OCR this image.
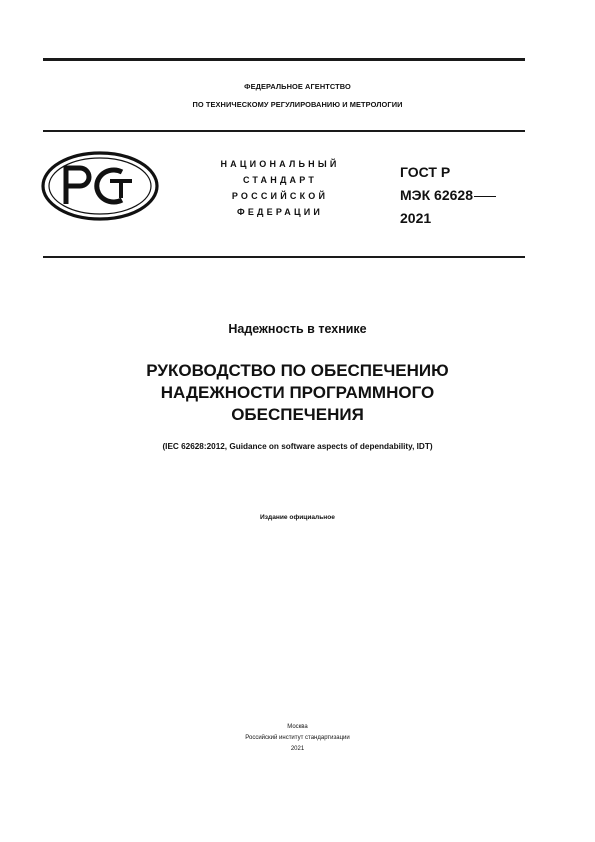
ФЕДЕРАЛЬНОЕ АГЕНТСТВО
ПО ТЕХНИЧЕСКОМУ РЕГУЛИРОВАНИЮ И МЕТРОЛОГИИ
НАЦИОНАЛЬНЫЙ
СТАНДАРТ
РОССИЙСКОЙ
ФЕДЕРАЦИИ
ГОСТ Р
МЭК 62628
2021
Надежность в технике
РУКОВОДСТВО ПО ОБЕСПЕЧЕНИЮ
НАДЕЖНОСТИ ПРОГРАММНОГО
ОБЕСПЕЧЕНИЯ
(IEC 62628:2012, Guidance on software aspects of dependability, IDT)
Издание официальное
Москва
Российский институт стандартизации
2021
